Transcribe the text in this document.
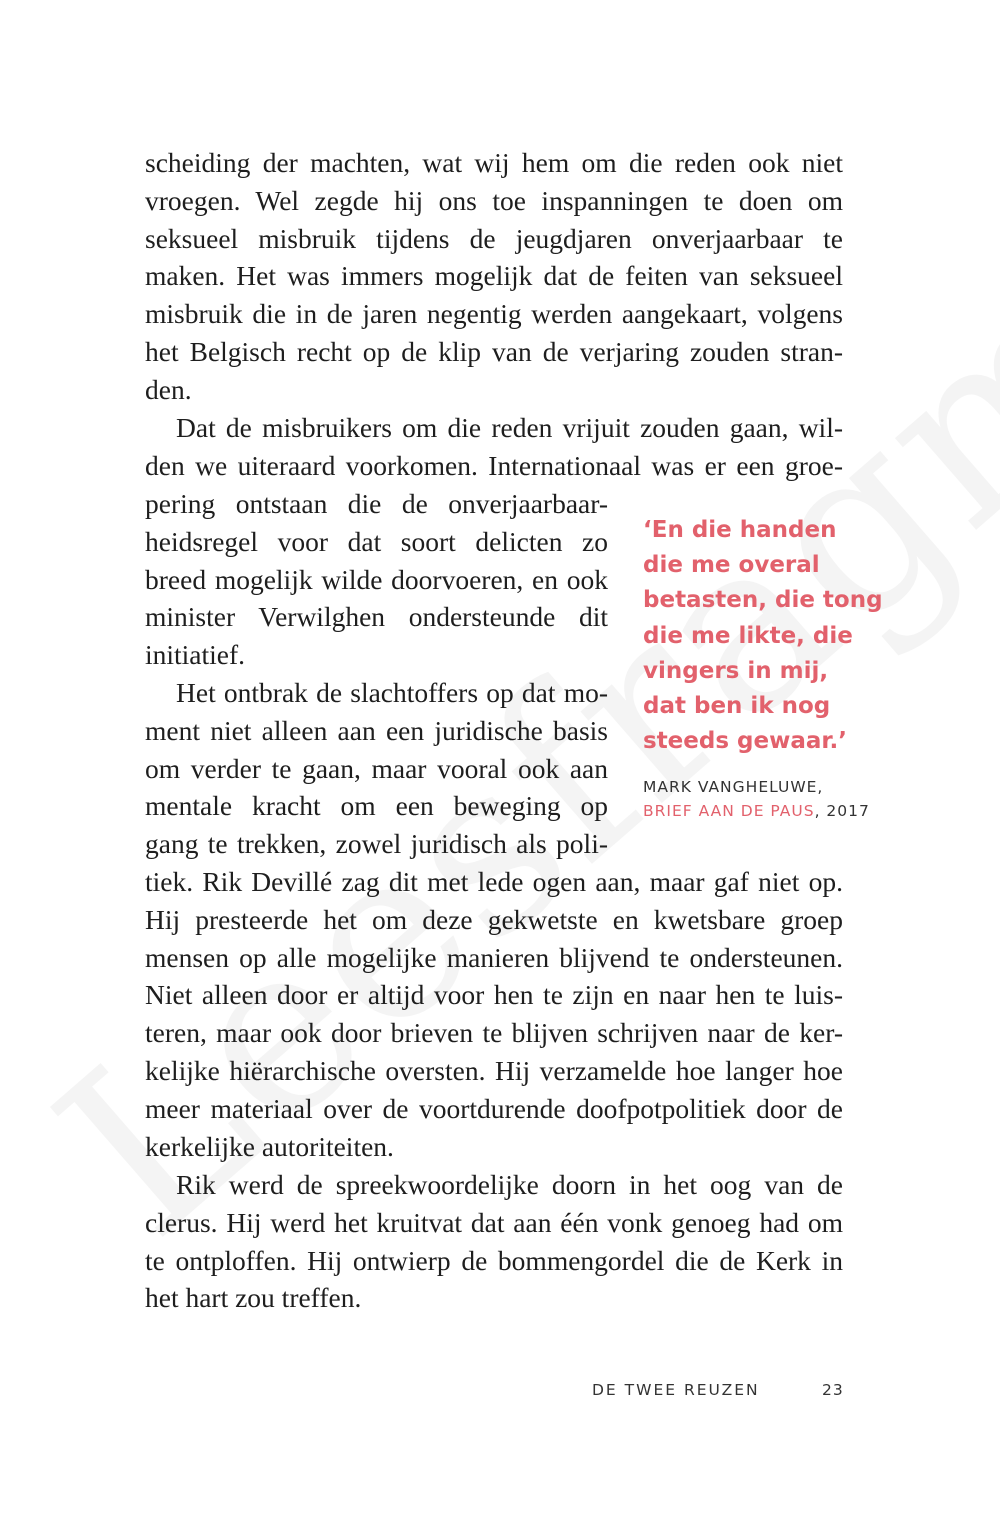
scheiding der machten, wat wij hem om die reden ook niet
vroegen. Wel zegde hij ons toe inspanningen te doen om
seksueel misbruik tijdens de jeugdjaren onverjaarbaar te
maken. Het was immers mogelijk dat de feiten van seksueel
misbruik die in de jaren negentig werden aangekaart, volgens
het Belgisch recht op de klip van de verjaring zouden stran-
den.
Dat de misbruikers om die reden vrijuit zouden gaan, wil-
den we uiteraard voorkomen. Internationaal was er een groe-
pering ontstaan die de onverjaarbaar-
heidsregel voor dat soort delicten zo
breed mogelijk wilde doorvoeren, en ook
minister Verwilghen ondersteunde dit
initiatief.
Het ontbrak de slachtoffers op dat mo-
ment niet alleen aan een juridische basis
om verder te gaan, maar vooral ook aan
mentale kracht om een beweging op
gang te trekken, zowel juridisch als poli-
tiek. Rik Devillé zag dit met lede ogen aan, maar gaf niet op.
Hij presteerde het om deze gekwetste en kwetsbare groep
mensen op alle mogelijke manieren blijvend te ondersteunen.
Niet alleen door er altijd voor hen te zijn en naar hen te luis-
teren, maar ook door brieven te blijven schrijven naar de ker-
kelijke hiërarchische oversten. Hij verzamelde hoe langer hoe
meer materiaal over de voortdurende doofpotpolitiek door de
kerkelijke autoriteiten.
Rik werd de spreekwoordelijke doorn in het oog van de
clerus. Hij werd het kruitvat dat aan één vonk genoeg had om
te ontploffen. Hij ontwierp de bommengordel die de Kerk in
het hart zou treffen.
‘En die handen
die me overal
betasten, die tong
die me likte, die
vingers in mij,
dat ben ik nog
steeds gewaar.’
MARK VANGHELUWE,
BRIEF AAN DE PAUS, 2017
DE TWEE REUZEN	23
